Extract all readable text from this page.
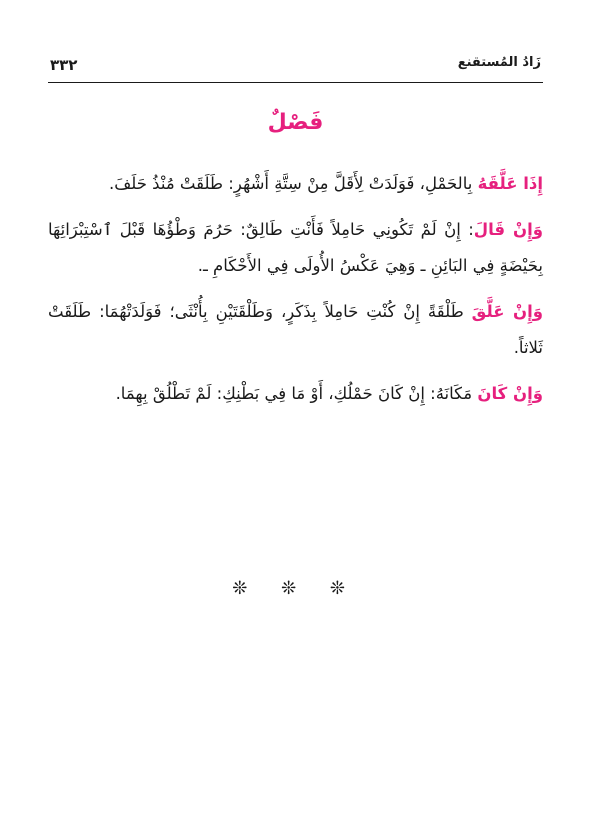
٣٣٢	زَادُ المُستقنع
فَصْلٌ

إِذَا عَلَّقَهُ بِالحَمْلِ، فَوَلَدَتْ لِأَقَلَّ مِنْ سِتَّةِ أَشْهُرٍ: طَلَقَتْ مُنْذُ حَلَفَ.

وَإِنْ قَالَ: إِنْ لَمْ تَكُونِي حَامِلاً فَأَنْتِ طَالِقٌ: حَرُمَ وَطْؤُهَا قَبْلَ ٱسْتِبْرَائِهَا بِحَيْضَةٍ فِي البَائِنِ ـ وَهِيَ عَكْسُ الأُولَى فِي الأَحْكَامِ ـ.

وَإِنْ عَلَّقَ طَلْقَةً إِنْ كُنْتِ حَامِلاً بِذَكَرٍ، وَطَلْقَتَيْنِ بِأُنْثَى؛ فَوَلَدَتْهُمَا: طَلَقَتْ ثَلاثاً.

وَإِنْ كَانَ مَكَانَهُ: إِنْ كَانَ حَمْلُكِ، أَوْ مَا فِي بَطْنِكِ: لَمْ تَطْلُقْ بِهِمَا.

❊ ❊ ❊
